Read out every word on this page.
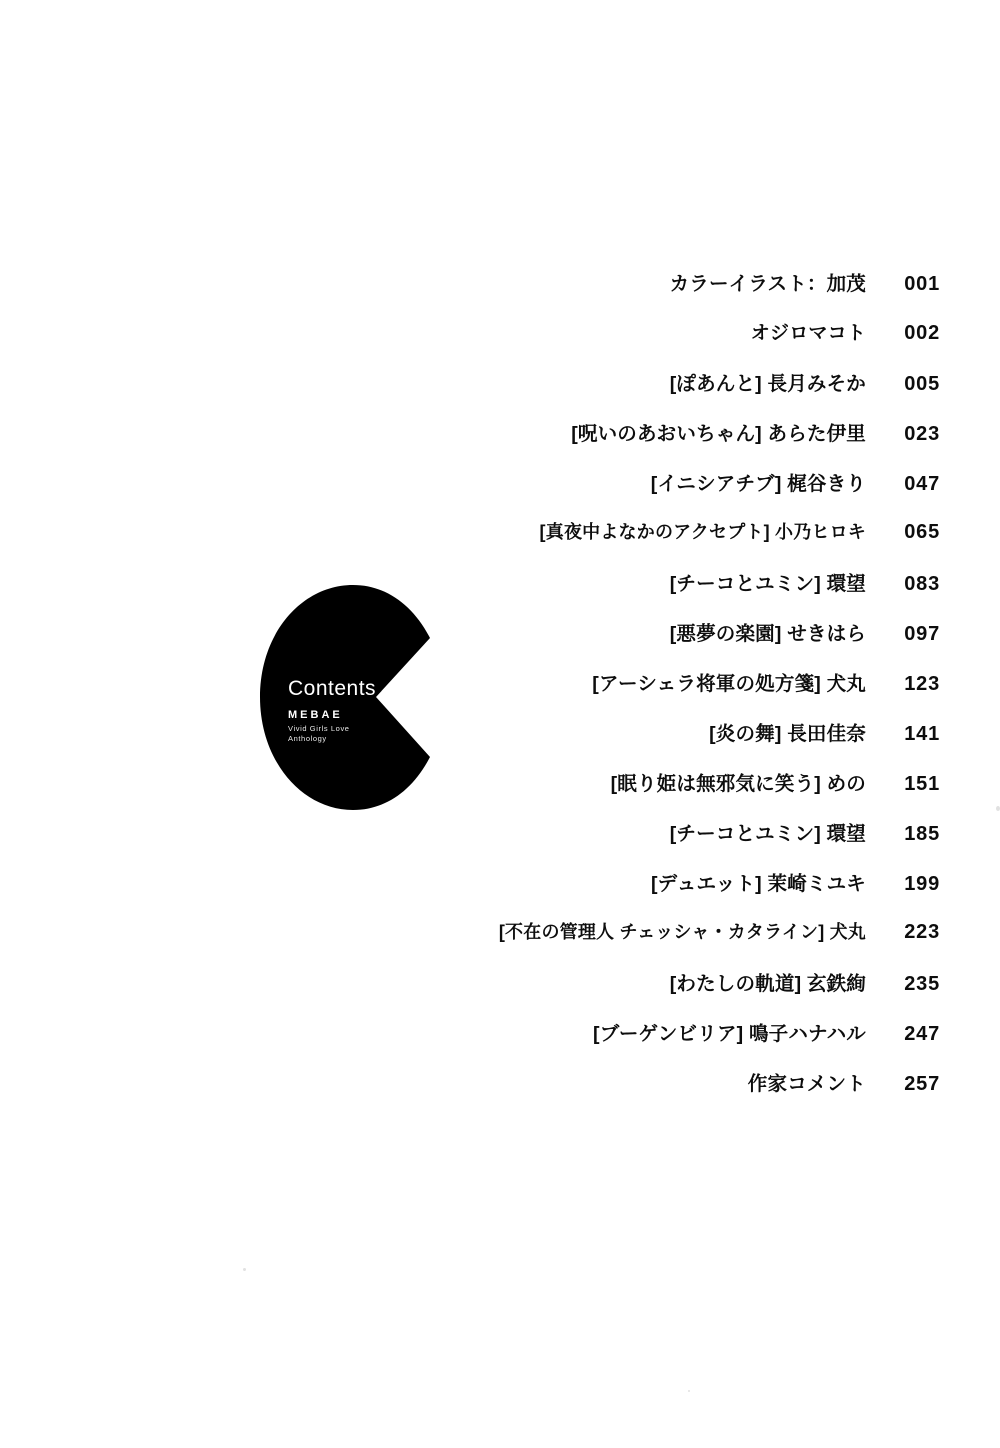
Contents
MEBAE
Vivid Girls Love
Anthology
カラーイラスト：加茂	001
オジロマコト	002
[ぽあんと] 長月みそか	005
[呪いのあおいちゃん] あらた伊里	023
[イニシアチブ] 梶谷きり	047
[真夜中よなかのアクセプト] 小乃ヒロキ	065
[チーコとユミン] 環望	083
[悪夢の楽園] せきはら	097
[アーシェラ将軍の処方箋] 犬丸	123
[炎の舞] 長田佳奈	141
[眠り姫は無邪気に笑う] めの	151
[チーコとユミン] 環望	185
[デュエット] 茉崎ミユキ	199
[不在の管理人 チェッシャ・カタライン] 犬丸	223
[わたしの軌道] 玄鉄絢	235
[ブーゲンビリア] 鳴子ハナハル	247
作家コメント	257
